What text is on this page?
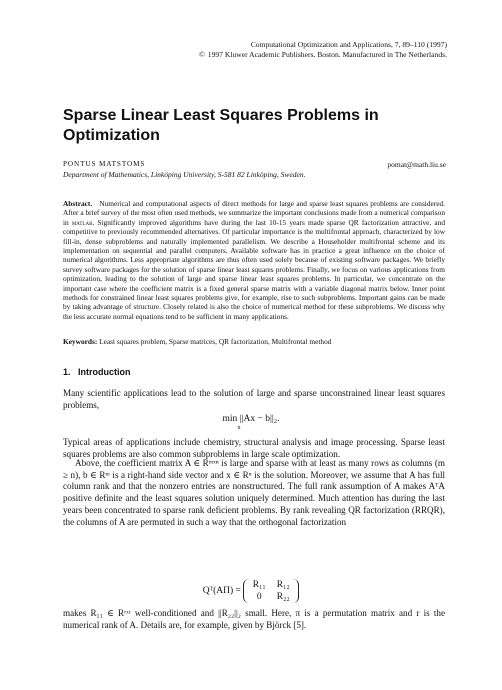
Computational Optimization and Applications, 7, 89–110 (1997)
© 1997 Kluwer Academic Publishers, Boston. Manufactured in The Netherlands.
Sparse Linear Least Squares Problems in
Optimization
PONTUS MATSTOMS	pomat@math.liu.se
Department of Mathematics, Linköping University, S-581 82 Linköping, Sweden.

Abstract. Numerical and computational aspects of direct methods for large and sparse least squares problems are considered. After a brief survey of the most often used methods, we summarize the important conclusions made from a numerical comparison in matlab. Significantly improved algorithms have during the last 10-15 years made sparse QR factorization attractive, and competitive to previously recommended alternatives. Of particular importance is the multifrontal approach, characterized by low fill-in, dense subproblems and naturally implemented parallelism. We describe a Householder multifrontal scheme and its implementation on sequential and parallel computers. Available software has in practice a great influence on the choice of numerical algorithms. Less appropriate algorithms are thus often used solely because of existing software packages. We briefly survey software packages for the solution of sparse linear least squares problems. Finally, we focus on various applications from optimization, leading to the solution of large and sparse linear least squares problems. In particular, we concentrate on the important case where the coefficient matrix is a fixed general sparse matrix with a variable diagonal matrix below. Inner point methods for constrained linear least squares problems give, for example, rise to such subproblems. Important gains can be made by taking advantage of structure. Closely related is also the choice of numerical method for these subproblems. We discuss why the less accurate normal equations tend to be sufficient in many applications.

Keywords: Least squares problem, Sparse matrices, QR factorization, Multifrontal method

1.   Introduction

Many scientific applications lead to the solution of large and sparse unconstrained linear least squares problems,

min ||Ax − b||₂.
x

Typical areas of applications include chemistry, structural analysis and image processing. Sparse least squares problems are also common subproblems in large scale optimization.

Above, the coefficient matrix A ∈ Rᵐˣⁿ is large and sparse with at least as many rows as columns (m ≥ n), b ∈ Rᵐ is a right-hand side vector and x ∈ Rⁿ is the solution. Moreover, we assume that A has full column rank and that the nonzero entries are nonstructured. The full rank assumption of A makes AᵀA positive definite and the least squares solution uniquely determined. Much attention has during the last years been concentrated to sparse rank deficient problems. By rank revealing QR factorization (RRQR), the columns of A are permuted in such a way that the orthogonal factorization

Qᵀ(AΠ) =
R₁₁	R₁₂
0	R₂₂

makes R₁₁ ∈ Rʳˣʳ well-conditioned and ||R₂₂||₂ small. Here, π is a permutation matrix and r is the numerical rank of A. Details are, for example, given by Björck [5].
